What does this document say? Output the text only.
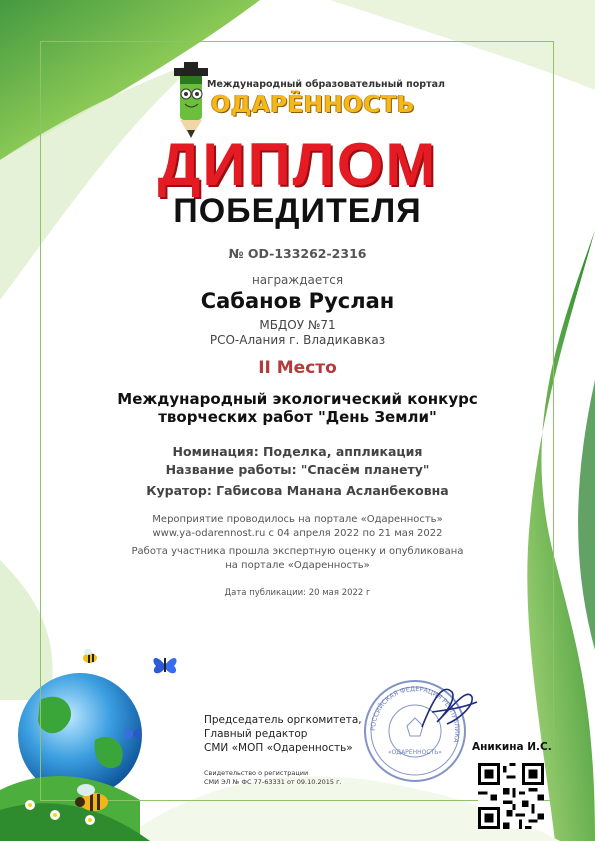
Международный образовательный портал
ОДАРЁННОСТЬ
ДИПЛОМ
ПОБЕДИТЕЛЯ
№ OD-133262-2316
награждается
Сабанов Руслан
МБДОУ №71
РСО-Алания г. Владикавказ
II Место
Международный экологический конкурс
творческих работ "День Земли"
Номинация: Поделка, аппликация
Название работы: "Спасём планету"
Куратор: Габисова Манана Асланбековна
Мероприятие проводилось на портале «Одаренность»
www.ya-odarennost.ru с 04 апреля 2022 по 21 мая 2022
Работа участника прошла экспертную оценку и опубликована
на портале «Одаренность»
Дата публикации: 20 мая 2022 г
Председатель оргкомитета,
Главный редактор
СМИ «МОП «Одаренность»
Свидетельство о регистрации
СМИ ЭЛ № ФС 77-63331 от 09.10.2015 г.
РОССИЙСКАЯ ФЕДЕРАЦИЯ РЕСПУБЛИКА
«ОДАРЁННОСТЬ»	Аникина И.С.
